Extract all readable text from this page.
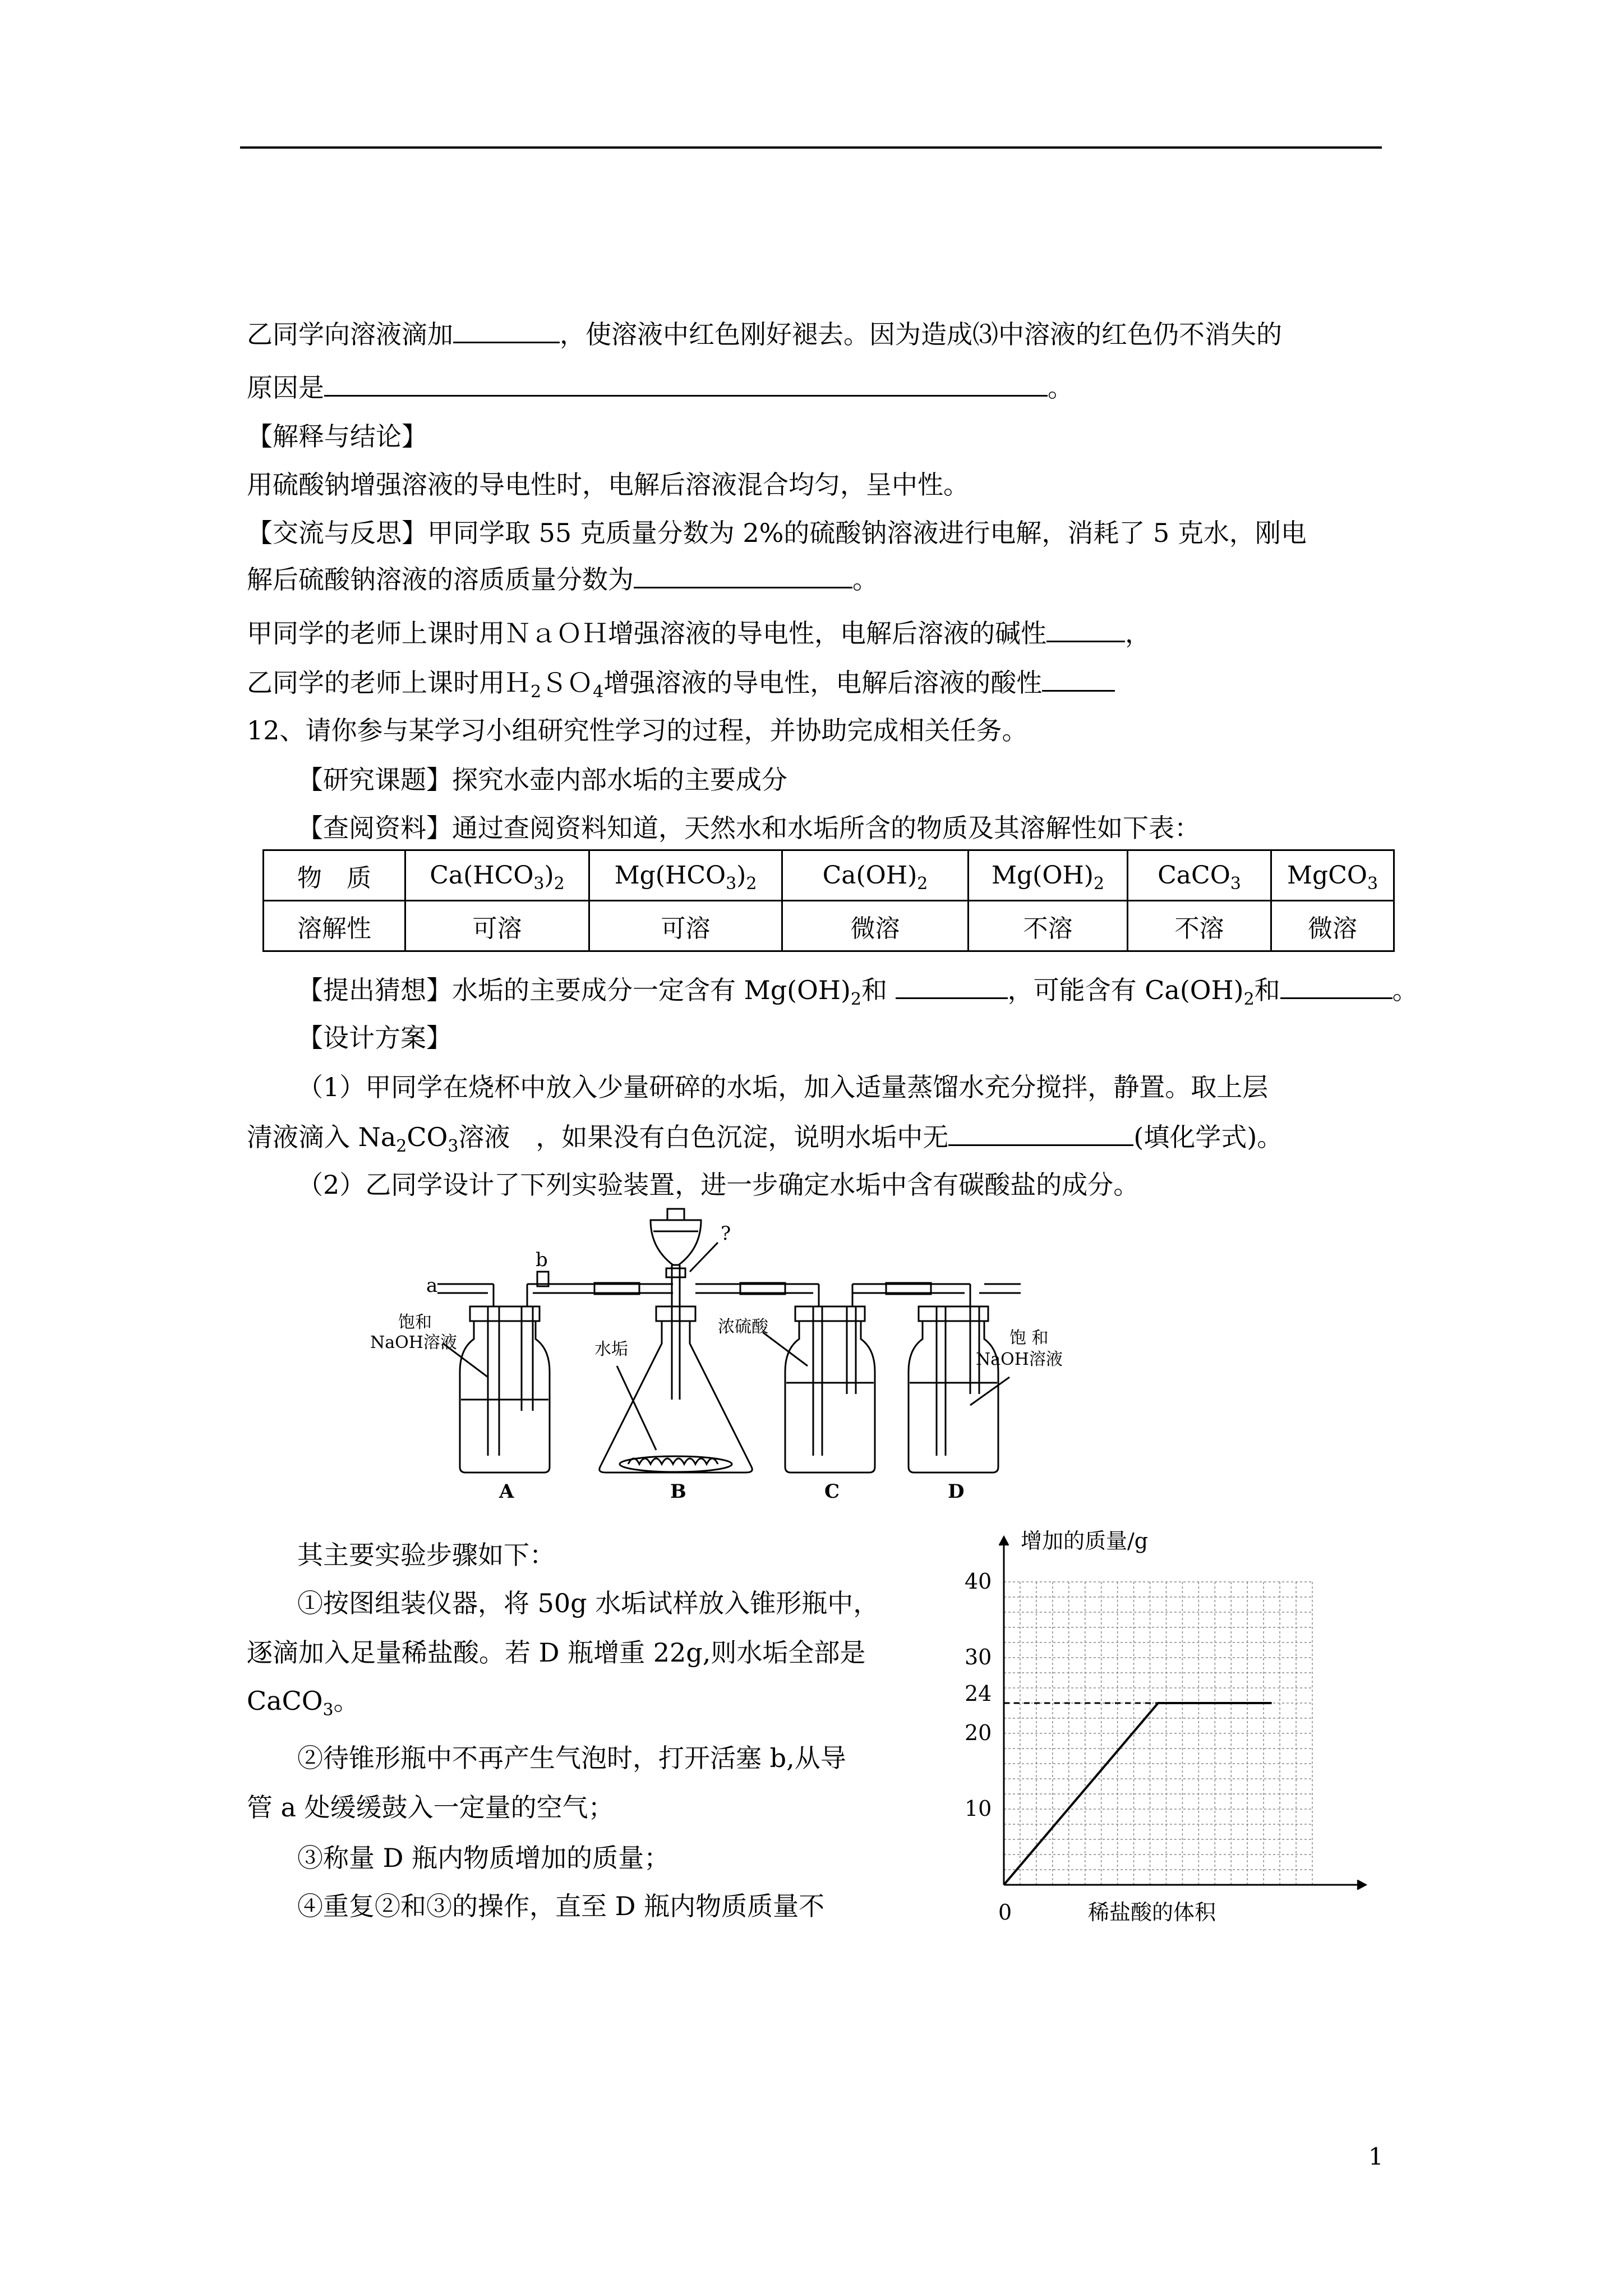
乙同学向溶液滴加	，使溶液中红色刚好褪去。因为造成⑶中溶液的红色仍不消失的
原因是	。
【解释与结论】
用硫酸钠增强溶液的导电性时，电解后溶液混合均匀，呈中性。
【交流与反思】甲同学取 55 克质量分数为 2%的硫酸钠溶液进行电解，消耗了 5 克水，刚电
解后硫酸钠溶液的溶质质量分数为	。
甲同学的老师上课时用ＮａＯＨ增强溶液的导电性，电解后溶液的碱性	，
乙同学的老师上课时用Ｈ$_2$ＳＯ$_4$增强溶液的导电性，电解后溶液的酸性
12、请你参与某学习小组研究性学习的过程，并协助完成相关任务。
【研究课题】探究水壶内部水垢的主要成分
【查阅资料】通过查阅资料知道，天然水和水垢所含的物质及其溶解性如下表：
物　质	$Ca(HCO_3)_2$	$Mg(HCO_3)_2$	$Ca(OH)_2$	$Mg(OH)_2$	CaCO$_3$	MgCO$_3$
溶解性	可溶	可溶	微溶	不溶	不溶	微溶
【提出猜想】水垢的主要成分一定含有 $Mg(OH)_2$和	，可能含有 $Ca(OH)_2$和	。
【设计方案】
（1）甲同学在烧杯中放入少量研碎的水垢，加入适量蒸馏水充分搅拌，静置。取上层
清液滴入 $Na_2CO_3$溶液　，如果没有白色沉淀，说明水垢中无	(填化学式)。
（2）乙同学设计了下列实验装置，进一步确定水垢中含有碳酸盐的成分。
a
b
?
饱和
NaOH溶液	水垢
浓硫酸
饱 和
NaOH溶液
A	B	C	D
其主要实验步骤如下：
①按图组装仪器，将 50g 水垢试样放入锥形瓶中，
逐滴加入足量稀盐酸。若 D 瓶增重 22g,则水垢全部是
CaCO$_3$。
②待锥形瓶中不再产生气泡时，打开活塞 b,从导
管 a 处缓缓鼓入一定量的空气；
③称量 D 瓶内物质增加的质量；
④重复②和③的操作，直至 D 瓶内物质质量不
10
20
30
40
24
增加的质量/g
稀盐酸的体积
0
1
